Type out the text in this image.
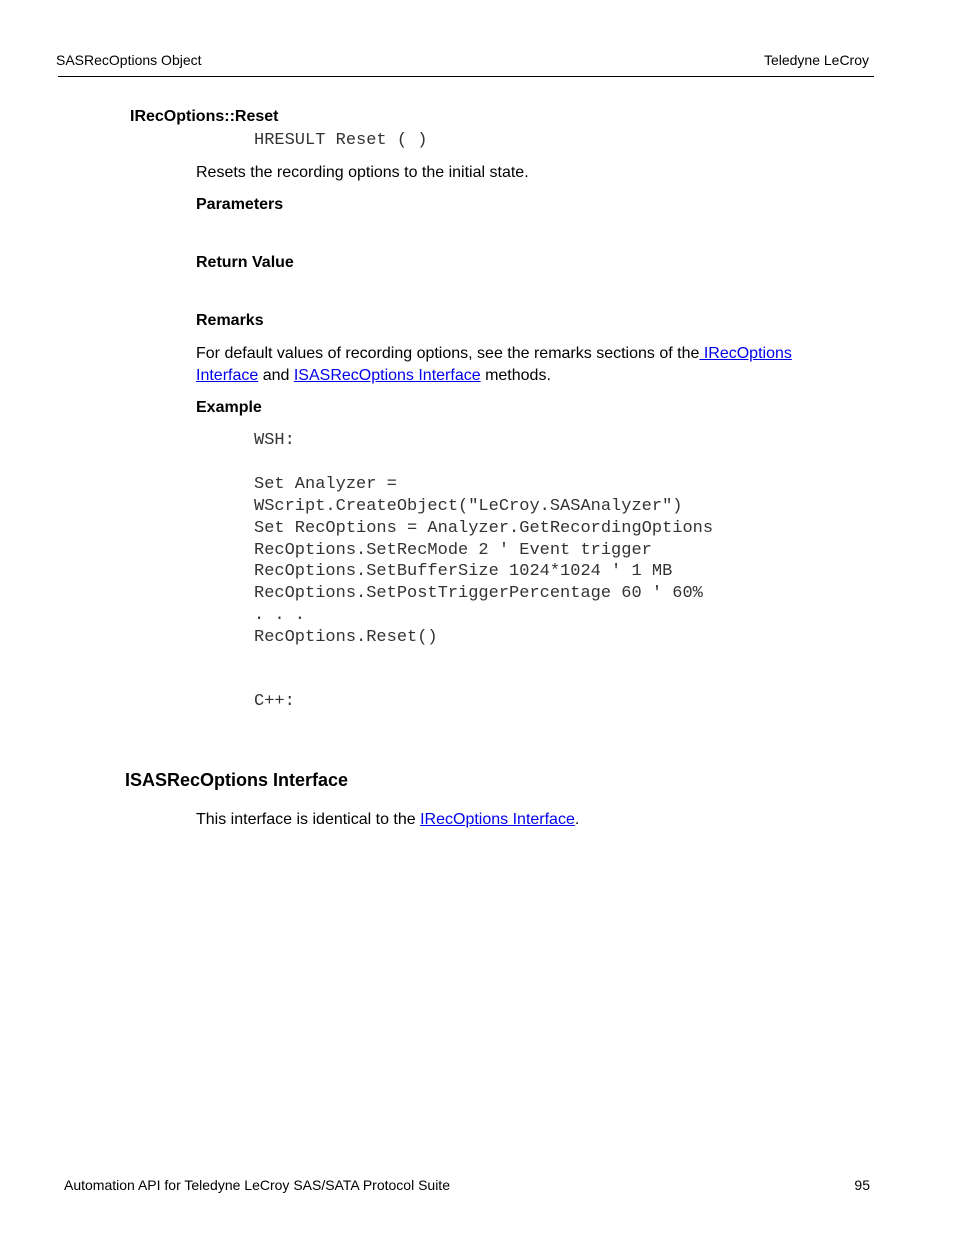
SASRecOptions Object	Teledyne LeCroy
IRecOptions::Reset
HRESULT Reset ( )
Resets the recording options to the initial state.
Parameters
Return Value
Remarks
For default values of recording options, see the remarks sections of the IRecOptions
Interface and ISASRecOptions Interface methods.
Example
WSH:

Set Analyzer =
WScript.CreateObject("LeCroy.SASAnalyzer")
Set RecOptions = Analyzer.GetRecordingOptions
RecOptions.SetRecMode 2 ' Event trigger
RecOptions.SetBufferSize 1024*1024 ' 1 MB
RecOptions.SetPostTriggerPercentage 60 ' 60%
. . .
RecOptions.Reset()
C++:
ISASRecOptions Interface
This interface is identical to the IRecOptions Interface.
Automation API for Teledyne LeCroy SAS/SATA Protocol Suite	95
